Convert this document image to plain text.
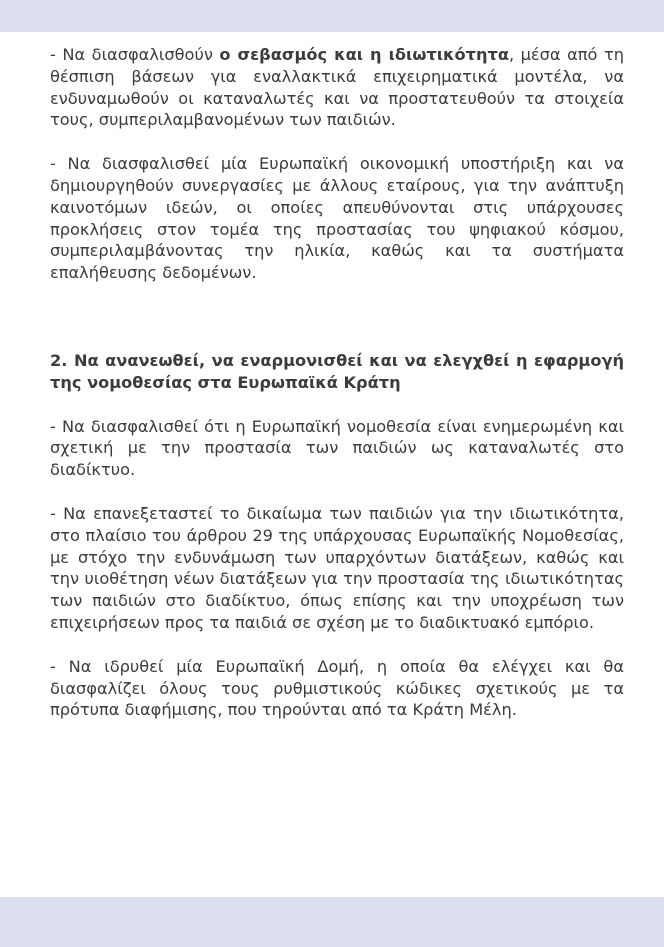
- Να διασφαλισθούν ο σεβασμός και η ιδιωτικότητα, μέσα από τη θέσπιση βάσεων για εναλλακτικά επιχειρηματικά μοντέλα, να ενδυναμωθούν οι καταναλωτές και να προστατευθούν τα στοιχεία τους, συμπεριλαμβανομένων των παιδιών.

- Να διασφαλισθεί μία Ευρωπαϊκή οικονομική υποστήριξη και να δημιουργηθούν συνεργασίες με άλλους εταίρους, για την ανάπτυξη καινοτόμων ιδεών, οι οποίες απευθύνονται στις υπάρχουσες προκλήσεις στον τομέα της προστασίας του ψηφιακού κόσμου, συμπεριλαμβάνοντας την ηλικία, καθώς και τα συστήματα επαλήθευσης δεδομένων.

2. Να ανανεωθεί, να εναρμονισθεί και να ελεγχθεί η εφαρμογή της νομοθεσίας στα Ευρωπαϊκά Κράτη

- Να διασφαλισθεί ότι η Ευρωπαϊκή νομοθεσία είναι ενημερωμένη και σχετική με την προστασία των παιδιών ως καταναλωτές στο διαδίκτυο.

- Να επανεξεταστεί το δικαίωμα των παιδιών για την ιδιωτικότητα, στο πλαίσιο του άρθρου 29 της υπάρχουσας Ευρωπαϊκής Νομοθεσίας, με στόχο την ενδυνάμωση των υπαρχόντων διατάξεων, καθώς και την υιοθέτηση νέων διατάξεων για την προστασία της ιδιωτικότητας των παιδιών στο διαδίκτυο, όπως επίσης και την υποχρέωση των επιχειρήσεων προς τα παιδιά σε σχέση με το διαδικτυακό εμπόριο.

- Να ιδρυθεί μία Ευρωπαϊκή Δομή, η οποία θα ελέγχει και θα διασφαλίζει όλους τους ρυθμιστικούς κώδικες σχετικούς με τα πρότυπα διαφήμισης, που τηρούνται από τα Κράτη Μέλη.
